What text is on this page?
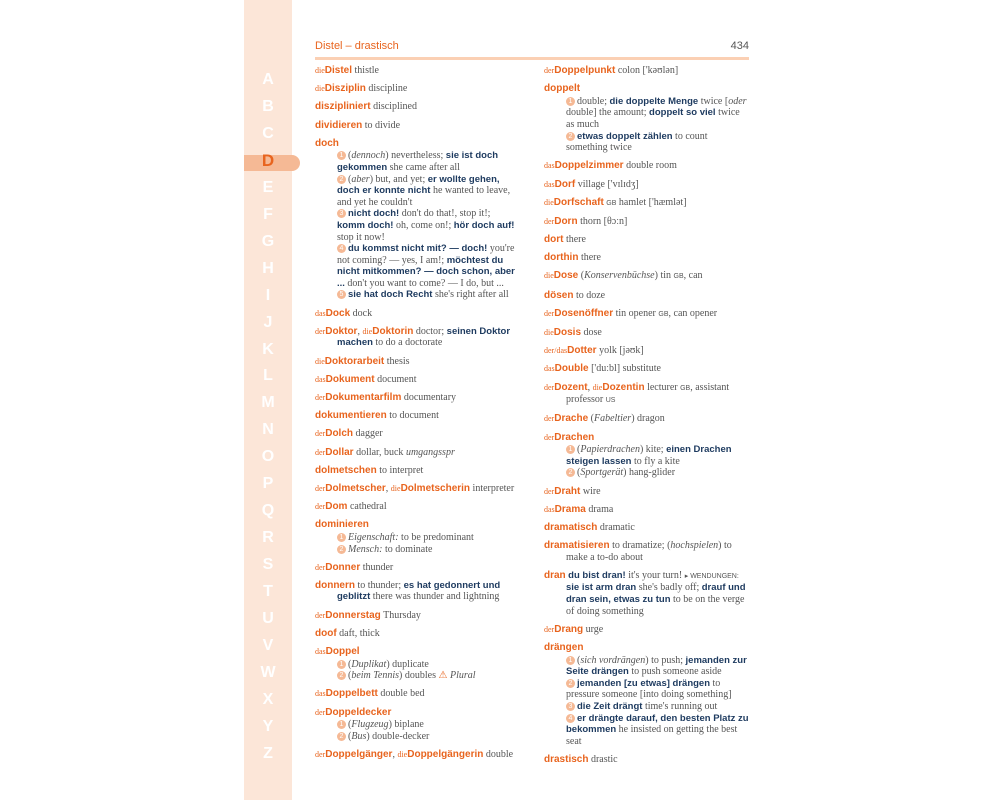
A
B
C
D
E
F
G
H
I
J
K
L
M
N
O
P
Q
R
S
T
U
V
W
X
Y
Z
Distel – drastisch	434
dieDistel thistle
dieDisziplin discipline
diszipliniert disciplined
dividieren to divide
doch
1 (dennoch) nevertheless; sie ist doch gekommen she came after all
2 (aber) but, and yet; er wollte gehen, doch er konnte nicht he wanted to leave, and yet he couldn't
3 nicht doch! don't do that!, stop it!; komm doch! oh, come on!; hör doch auf! stop it now!
4 du kommst nicht mit? — doch! you're not coming? — yes, I am!; möchtest du nicht mitkommen? — doch schon, aber ... don't you want to come? — I do, but ...
5 sie hat doch Recht she's right after all
dasDock dock
derDoktor, dieDoktorin doctor; seinen Doktor machen to do a doctorate
dieDoktorarbeit thesis
dasDokument document
derDokumentarfilm documentary
dokumentieren to document
derDolch dagger
derDollar dollar, buck umgangsspr
dolmetschen to interpret
derDolmetscher, dieDolmetscherin interpreter
derDom cathedral
dominieren
1 Eigenschaft: to be predominant
2 Mensch: to dominate
derDonner thunder
donnern to thunder; es hat gedonnert und geblitzt there was thunder and lightning
derDonnerstag Thursday
doof daft, thick
dasDoppel
1 (Duplikat) duplicate
2 (beim Tennis) doubles ⚠ Plural
dasDoppelbett double bed
derDoppeldecker
1 (Flugzeug) biplane
2 (Bus) double-decker
derDoppelgänger, dieDoppelgängerin double
derDoppelpunkt colon ['kəʊlən]
doppelt
1 double; die doppelte Menge twice [oder double] the amount; doppelt so viel twice as much
2 etwas doppelt zählen to count something twice
dasDoppelzimmer double room
dasDorf village ['vɪlɪdʒ]
dieDorfschaft GB hamlet ['hæmlət]
derDorn thorn [θɔːn]
dort there
dorthin there
dieDose (Konservenbüchse) tin GB, can
dösen to doze
derDosenöffner tin opener GB, can opener
dieDosis dose
der/dasDotter yolk [jəʊk]
dasDouble ['duːbl] substitute
derDozent, dieDozentin lecturer GB, assistant professor US
derDrache (Fabeltier) dragon
derDrachen
1 (Papierdrachen) kite; einen Drachen steigen lassen to fly a kite
2 (Sportgerät) hang-glider
derDraht wire
dasDrama drama
dramatisch dramatic
dramatisieren to dramatize; (hochspielen) to make a to-do about
dran du bist dran! it's your turn! ▸ WENDUNGEN: sie ist arm dran she's badly off; drauf und dran sein, etwas zu tun to be on the verge of doing something
derDrang urge
drängen
1 (sich vordrängen) to push; jemanden zur Seite drängen to push someone aside
2 jemanden [zu etwas] drängen to pressure someone [into doing something]
3 die Zeit drängt time's running out
4 er drängte darauf, den besten Platz zu bekommen he insisted on getting the best seat
drastisch drastic
